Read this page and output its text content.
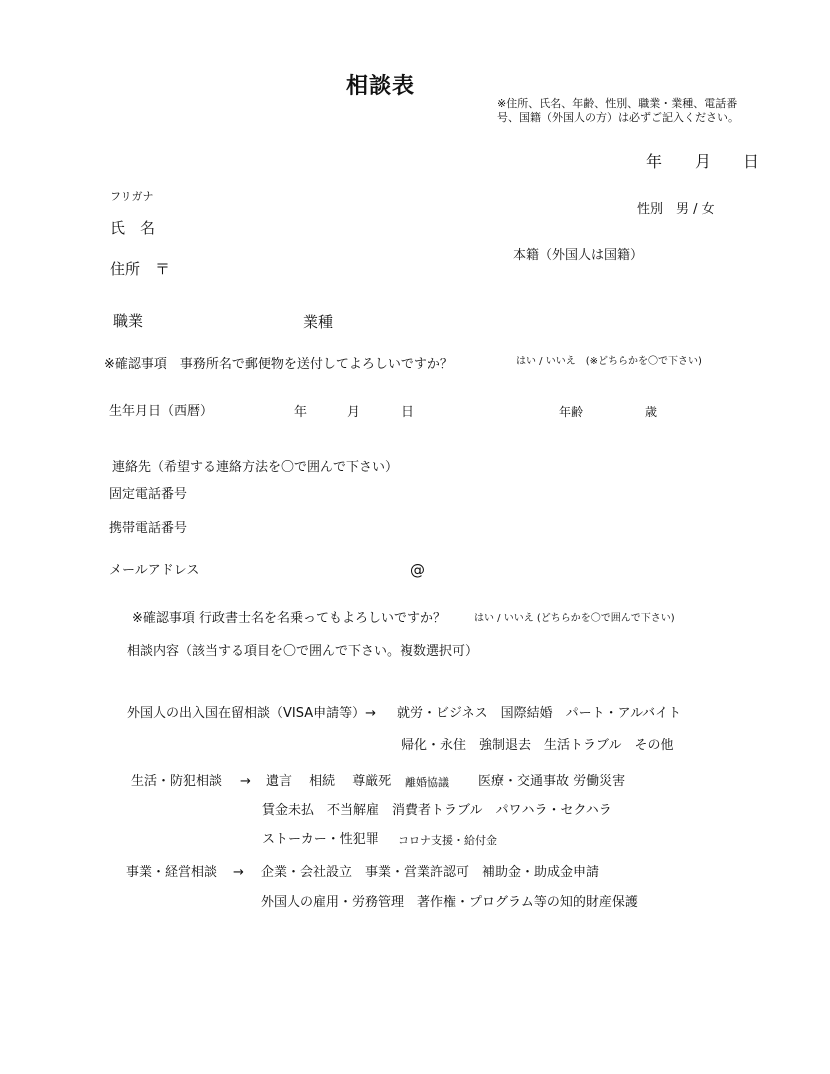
相談表
※住所、氏名、年齢、性別、職業・業種、電話番号、国籍（外国人の方）は必ずご記入ください。
年 月 日
フリガナ
氏　名
性別　男 / 女
住所　〒
本籍（外国人は国籍）
職業	業種
※確認事項　事務所名で郵便物を送付してよろしいですか？	はい / いいえ　(※どちらかを〇で下さい)
生年月日（西暦）	年	月	日	年齢	歳
連絡先（希望する連絡方法を〇で囲んで下さい）
固定電話番号
携帯電話番号
メールアドレス	@
※確認事項 行政書士名を名乗ってもよろしいですか？	はい / いいえ (どちらかを〇で囲んで下さい)
相談内容（該当する項目を〇で囲んで下さい。複数選択可）
外国人の出入国在留相談（VISA申請等）→ 就労・ビジネス　国際結婚　パート・アルバイト
帰化・永住　強制退去　生活トラブル　その他
生活・防犯相談 → 遺言　 相続　 尊厳死 離婚協議 医療・交通事故 労働災害
賃金未払　不当解雇　消費者トラブル　パワハラ・セクハラ
ストーカー・性犯罪 コロナ支援・給付金
事業・経営相談 → 企業・会社設立　事業・営業許認可　補助金・助成金申請
外国人の雇用・労務管理　著作権・プログラム等の知的財産保護
